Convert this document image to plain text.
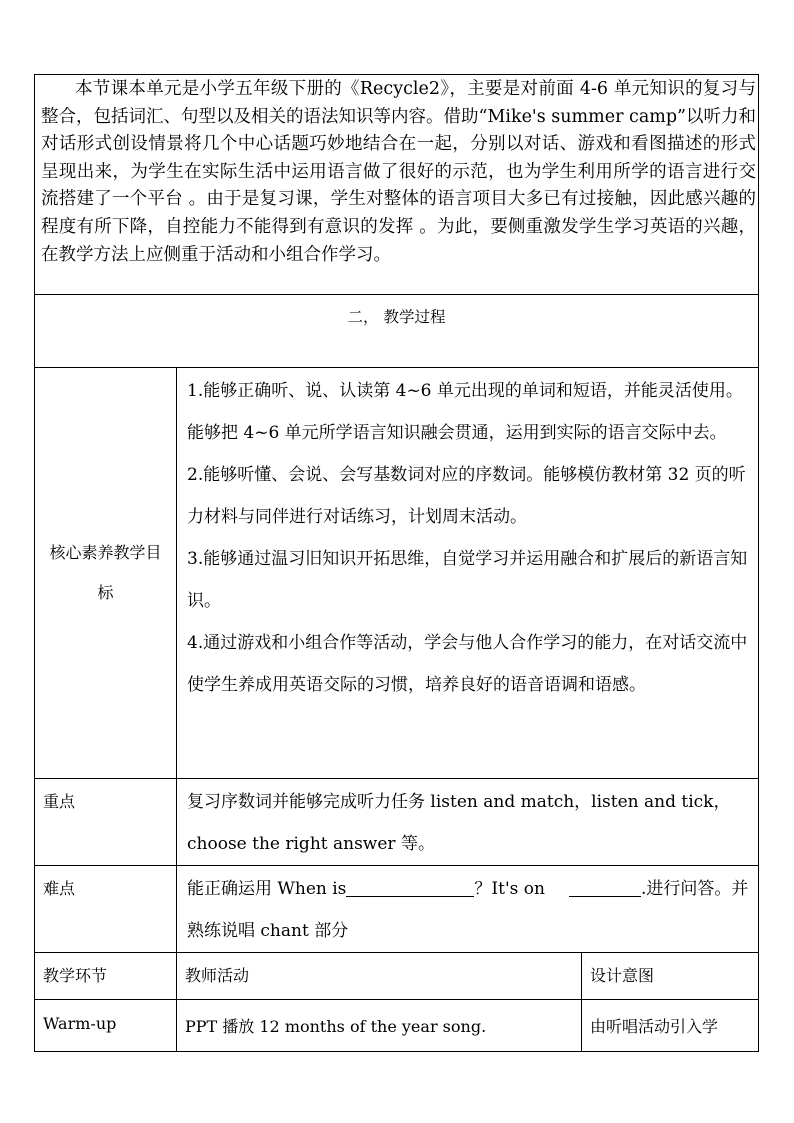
本节课本单元是小学五年级下册的《Recycle2》，主要是对前面 4-6 单元知识的复习与整合，包括词汇、句型以及相关的语法知识等内容。借助“Mike's summer camp”以听力和对话形式创设情景将几个中心话题巧妙地结合在一起，分别以对话、游戏和看图描述的形式呈现出来，为学生在实际生活中运用语言做了很好的示范，也为学生利用所学的语言进行交流搭建了一个平台 。由于是复习课，学生对整体的语言项目大多已有过接触，因此感兴趣的程度有所下降，自控能力不能得到有意识的发挥 。为此，要侧重激发学生学习英语的兴趣，在教学方法上应侧重于活动和小组合作学习。		

二， 教学过程		
核心素养教学目标	1.能够正确听、说、认读第 4~6 单元出现的单词和短语，并能灵活使用。能够把 4~6 单元所学语言知识融会贯通，运用到实际的语言交际中去。

2.能够听懂、会说、会写基数词对应的序数词。能够模仿教材第 32 页的听力材料与同伴进行对话练习，计划周末活动。

3.能够通过温习旧知识开拓思维，自觉学习并运用融合和扩展后的新语言知识。

4.通过游戏和小组合作等活动，学会与他人合作学习的能力，在对话交流中使学生养成用英语交际的习惯，培养良好的语音语调和语感。	

重点	复习序数词并能够完成听力任务 listen and match，listen and tick， choose the right answer 等。	
难点	能正确运用 When is ？It's on .进行问答。并熟练说唱 chant 部分	
教学环节	教师活动	设计意图
Warm-up	PPT 播放 12 months of the year song.	由听唱活动引入学
